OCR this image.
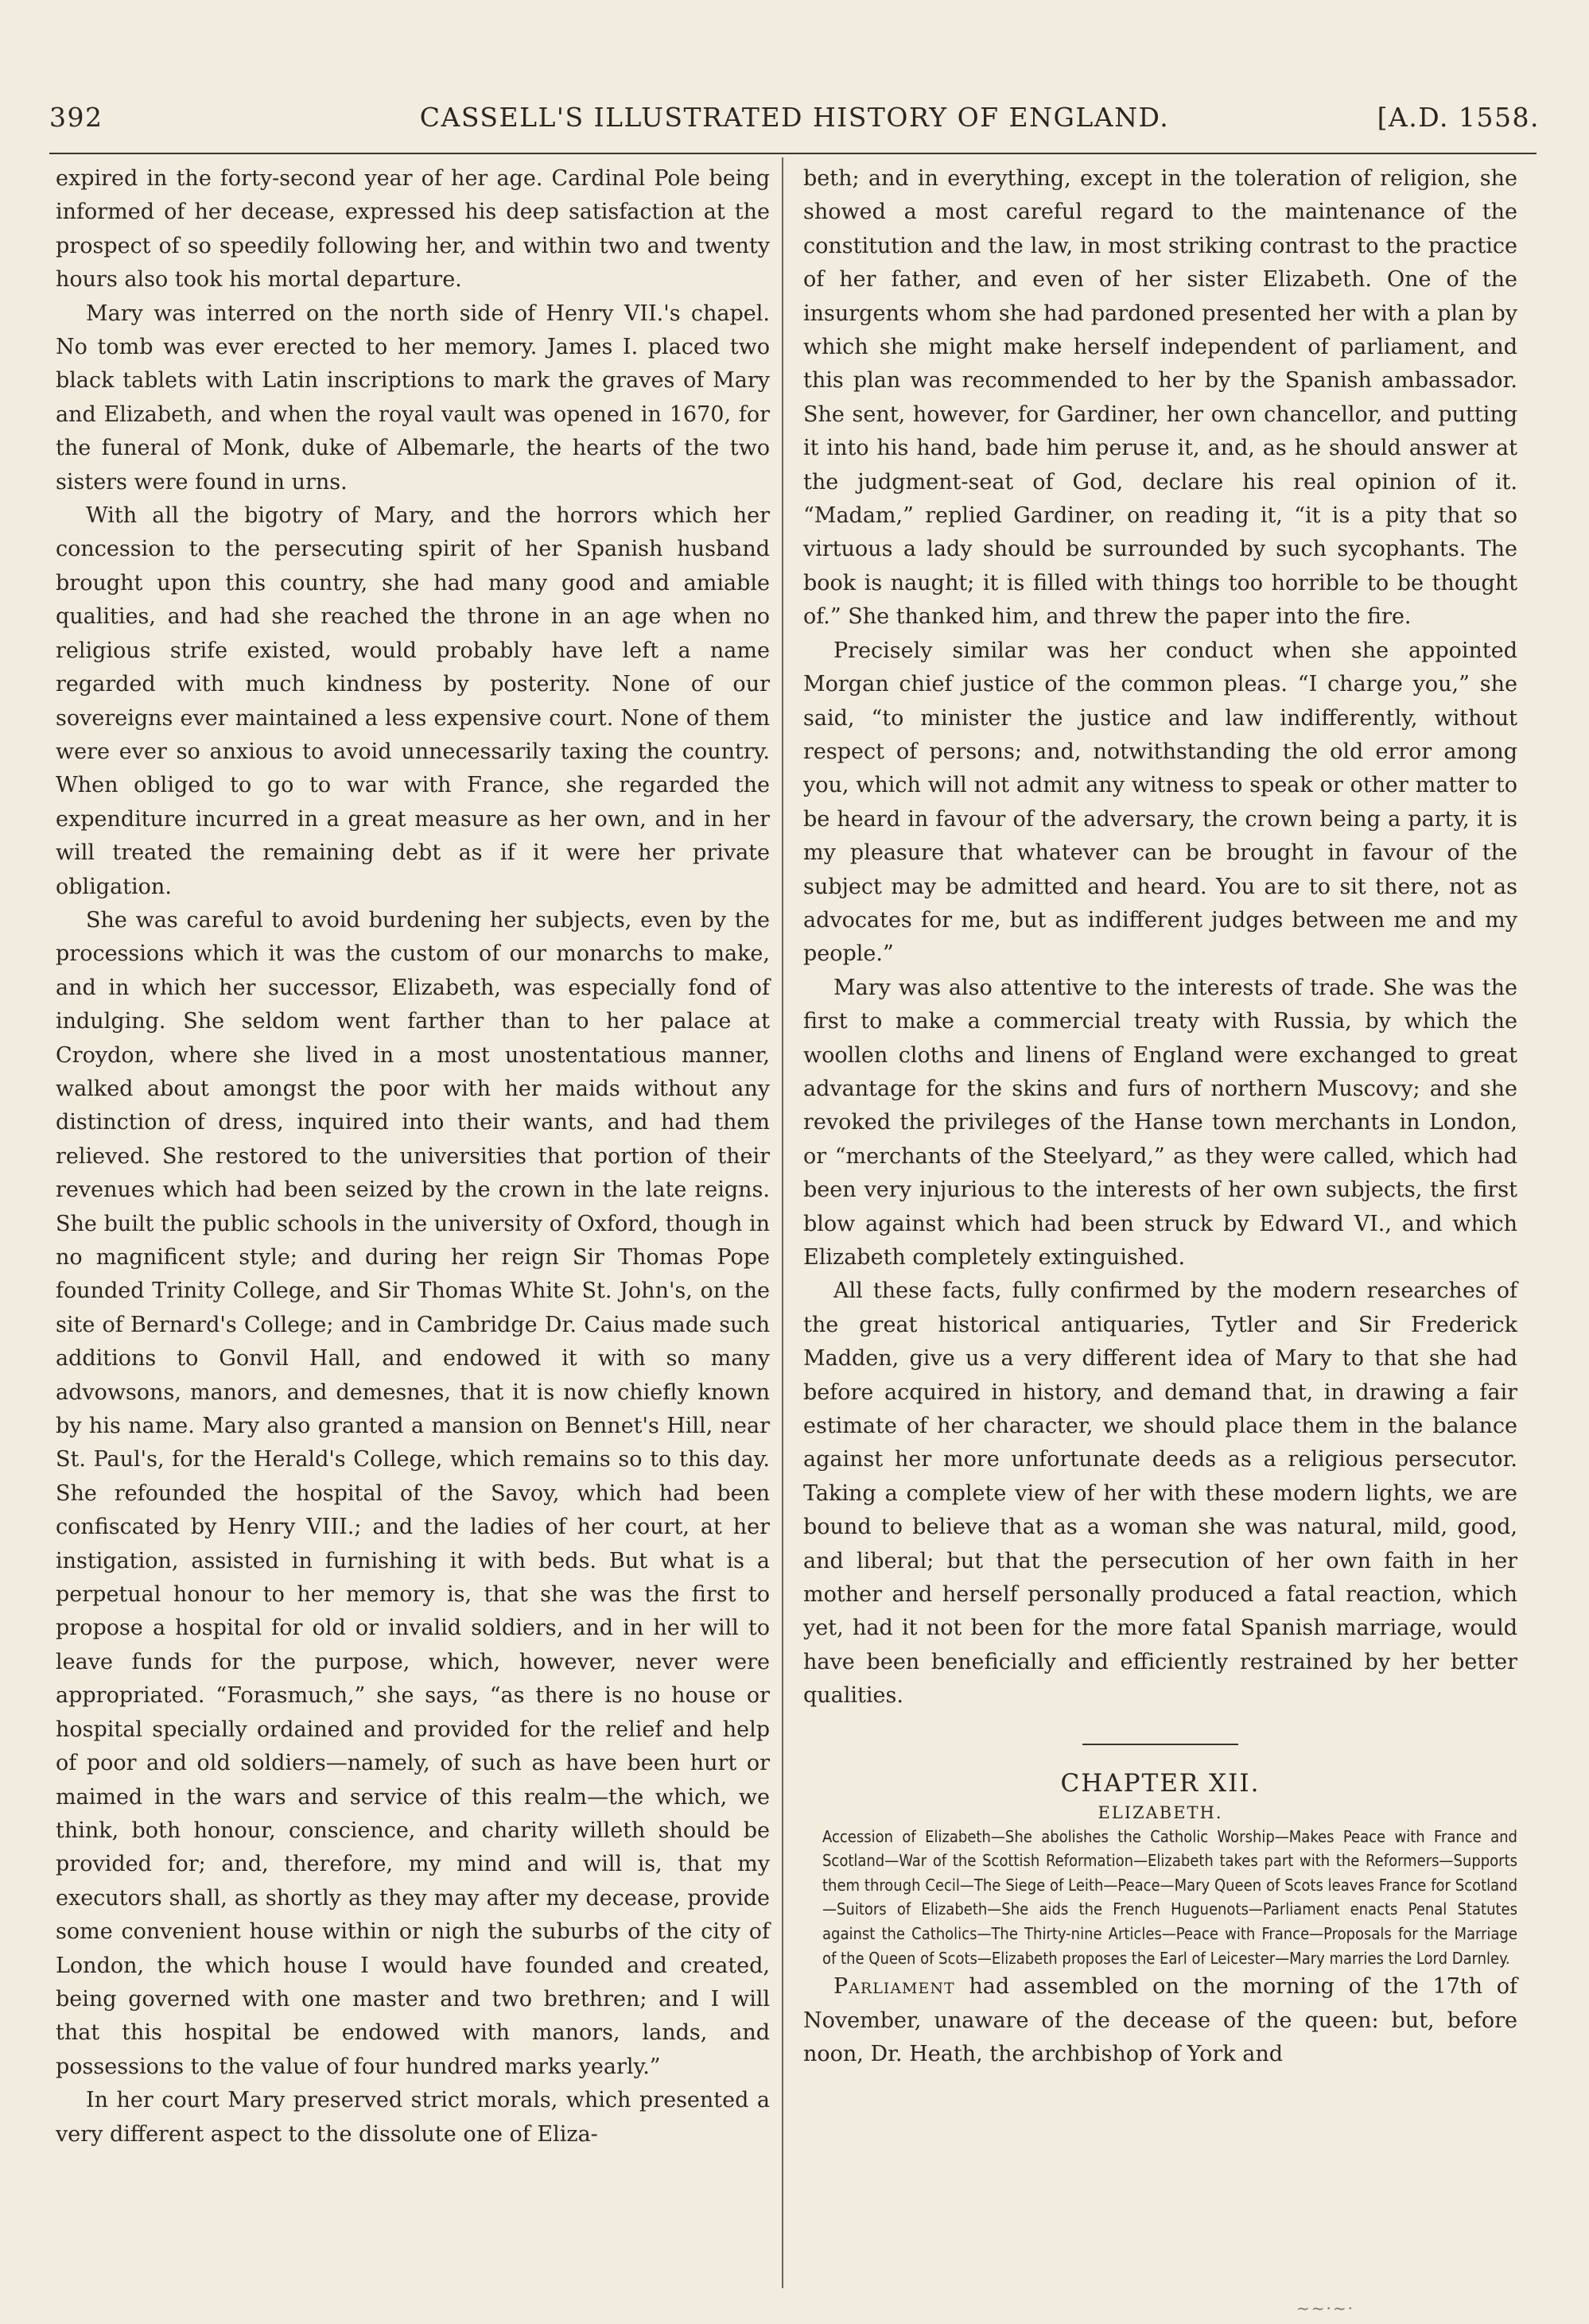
392	CASSELL'S ILLUSTRATED HISTORY OF ENGLAND.	[A.D. 1558.

expired in the forty-second year of her age. Cardinal Pole being informed of her decease, expressed his deep satisfaction at the prospect of so speedily following her, and within two and twenty hours also took his mortal departure.

Mary was interred on the north side of Henry VII.'s chapel. No tomb was ever erected to her memory. James I. placed two black tablets with Latin inscriptions to mark the graves of Mary and Elizabeth, and when the royal vault was opened in 1670, for the funeral of Monk, duke of Albemarle, the hearts of the two sisters were found in urns.

With all the bigotry of Mary, and the horrors which her concession to the persecuting spirit of her Spanish husband brought upon this country, she had many good and amiable qualities, and had she reached the throne in an age when no religious strife existed, would probably have left a name regarded with much kindness by posterity. None of our sovereigns ever maintained a less expensive court. None of them were ever so anxious to avoid unnecessarily taxing the country. When obliged to go to war with France, she regarded the expenditure incurred in a great measure as her own, and in her will treated the remaining debt as if it were her private obligation.

She was careful to avoid burdening her subjects, even by the processions which it was the custom of our monarchs to make, and in which her successor, Elizabeth, was especially fond of indulging. She seldom went farther than to her palace at Croydon, where she lived in a most unostentatious manner, walked about amongst the poor with her maids without any distinction of dress, inquired into their wants, and had them relieved. She restored to the universities that portion of their revenues which had been seized by the crown in the late reigns. She built the public schools in the university of Oxford, though in no magnificent style; and during her reign Sir Thomas Pope founded Trinity College, and Sir Thomas White St. John's, on the site of Bernard's College; and in Cambridge Dr. Caius made such additions to Gonvil Hall, and endowed it with so many advowsons, manors, and demesnes, that it is now chiefly known by his name. Mary also granted a mansion on Bennet's Hill, near St. Paul's, for the Herald's College, which remains so to this day. She refounded the hospital of the Savoy, which had been confiscated by Henry VIII.; and the ladies of her court, at her instigation, assisted in furnishing it with beds. But what is a perpetual honour to her memory is, that she was the first to propose a hospital for old or invalid soldiers, and in her will to leave funds for the purpose, which, however, never were appropriated. “Forasmuch,” she says, “as there is no house or hospital specially ordained and provided for the relief and help of poor and old soldiers—namely, of such as have been hurt or maimed in the wars and service of this realm—the which, we think, both honour, conscience, and charity willeth should be provided for; and, therefore, my mind and will is, that my executors shall, as shortly as they may after my decease, provide some convenient house within or nigh the suburbs of the city of London, the which house I would have founded and created, being governed with one master and two brethren; and I will that this hospital be endowed with manors, lands, and possessions to the value of four hundred marks yearly.”

In her court Mary preserved strict morals, which presented a very different aspect to the dissolute one of Eliza-

beth; and in everything, except in the toleration of religion, she showed a most careful regard to the maintenance of the constitution and the law, in most striking contrast to the practice of her father, and even of her sister Elizabeth. One of the insurgents whom she had pardoned presented her with a plan by which she might make herself independent of parliament, and this plan was recommended to her by the Spanish ambassador. She sent, however, for Gardiner, her own chancellor, and putting it into his hand, bade him peruse it, and, as he should answer at the judgment-seat of God, declare his real opinion of it. “Madam,” replied Gardiner, on reading it, “it is a pity that so virtuous a lady should be surrounded by such sycophants. The book is naught; it is filled with things too horrible to be thought of.” She thanked him, and threw the paper into the fire.

Precisely similar was her conduct when she appointed Morgan chief justice of the common pleas. “I charge you,” she said, “to minister the justice and law indifferently, without respect of persons; and, notwithstanding the old error among you, which will not admit any witness to speak or other matter to be heard in favour of the adversary, the crown being a party, it is my pleasure that whatever can be brought in favour of the subject may be admitted and heard. You are to sit there, not as advocates for me, but as indifferent judges between me and my people.”

Mary was also attentive to the interests of trade. She was the first to make a commercial treaty with Russia, by which the woollen cloths and linens of England were exchanged to great advantage for the skins and furs of northern Muscovy; and she revoked the privileges of the Hanse town merchants in London, or “merchants of the Steelyard,” as they were called, which had been very injurious to the interests of her own subjects, the first blow against which had been struck by Edward VI., and which Elizabeth completely extinguished.

All these facts, fully confirmed by the modern researches of the great historical antiquaries, Tytler and Sir Frederick Madden, give us a very different idea of Mary to that she had before acquired in history, and demand that, in drawing a fair estimate of her character, we should place them in the balance against her more unfortunate deeds as a religious persecutor. Taking a complete view of her with these modern lights, we are bound to believe that as a woman she was natural, mild, good, and liberal; but that the persecution of her own faith in her mother and herself personally produced a fatal reaction, which yet, had it not been for the more fatal Spanish marriage, would have been beneficially and efficiently restrained by her better qualities.

CHAPTER XII.

ELIZABETH.

Accession of Elizabeth—She abolishes the Catholic Worship—Makes Peace with France and Scotland—War of the Scottish Reformation—Elizabeth takes part with the Reformers—Supports them through Cecil—The Siege of Leith—Peace—Mary Queen of Scots leaves France for Scotland—Suitors of Elizabeth—She aids the French Huguenots—Parliament enacts Penal Statutes against the Catholics—The Thirty-nine Articles—Peace with France—Proposals for the Marriage of the Queen of Scots—Elizabeth proposes the Earl of Leicester—Mary marries the Lord Darnley.

Parliament had assembled on the morning of the 17th of November, unaware of the decease of the queen: but, before noon, Dr. Heath, the archbishop of York and

~~·~·
